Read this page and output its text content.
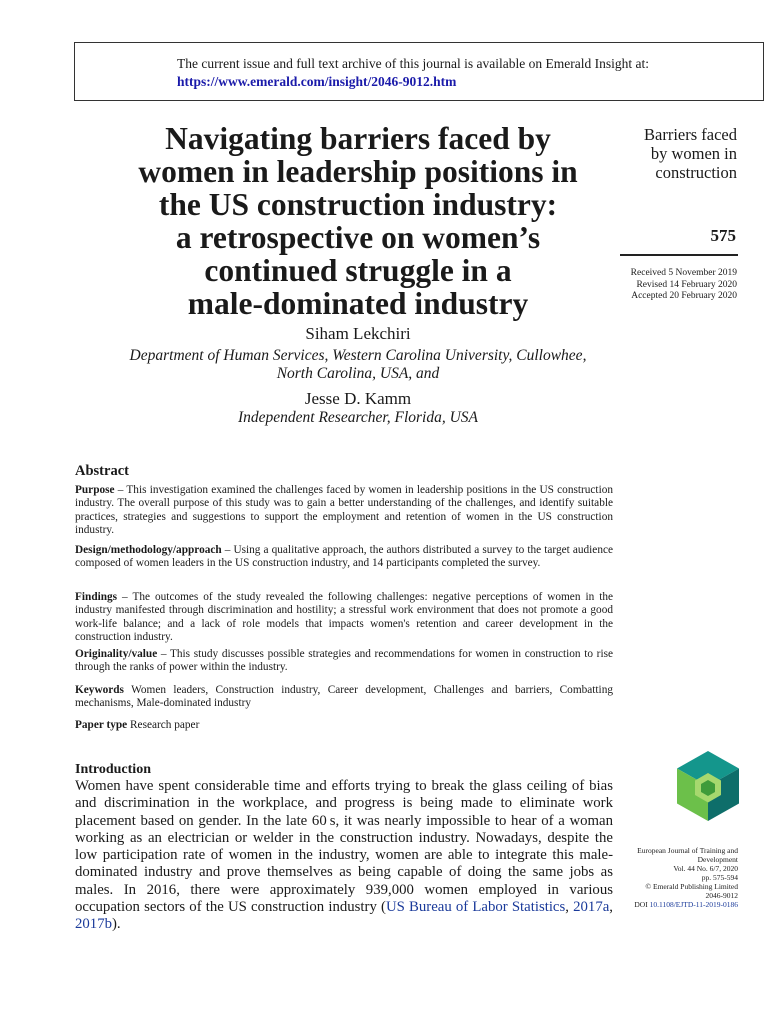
The current issue and full text archive of this journal is available on Emerald Insight at:
https://www.emerald.com/insight/2046-9012.htm
Navigating barriers faced by
women in leadership positions in
the US construction industry:
a retrospective on women’s
continued struggle in a
male-dominated industry
Siham Lekchiri
Department of Human Services, Western Carolina University, Cullowhee,
North Carolina, USA, and
Jesse D. Kamm
Independent Researcher, Florida, USA
Barriers faced
by women in
construction
575
Received 5 November 2019
Revised 14 February 2020
Accepted 20 February 2020
Abstract
Purpose – This investigation examined the challenges faced by women in leadership positions in the US construction industry. The overall purpose of this study was to gain a better understanding of the challenges, and identify suitable practices, strategies and suggestions to support the employment and retention of women in the US construction industry.
Design/methodology/approach – Using a qualitative approach, the authors distributed a survey to the target audience composed of women leaders in the US construction industry, and 14 participants completed the survey.
Findings – The outcomes of the study revealed the following challenges: negative perceptions of women in the industry manifested through discrimination and hostility; a stressful work environment that does not promote a good work-life balance; and a lack of role models that impacts women's retention and career development in the construction industry.
Originality/value – This study discusses possible strategies and recommendations for women in construction to rise through the ranks of power within the industry.
Keywords Women leaders, Construction industry, Career development, Challenges and barriers, Combatting mechanisms, Male-dominated industry
Paper type Research paper
Introduction
Women have spent considerable time and efforts trying to break the glass ceiling of bias and discrimination in the workplace, and progress is being made to eliminate work placement based on gender. In the late 60 s, it was nearly impossible to hear of a woman working as an electrician or welder in the construction industry. Nowadays, despite the low participation rate of women in the industry, women are able to integrate this male-dominated industry and prove themselves as being capable of doing the same jobs as males. In 2016, there were approximately 939,000 women employed in various occupation sectors of the US construction industry (US Bureau of Labor Statistics, 2017a, 2017b).
European Journal of Training and
Development
Vol. 44 No. 6/7, 2020
pp. 575-594
© Emerald Publishing Limited
2046-9012
DOI 10.1108/EJTD-11-2019-0186
